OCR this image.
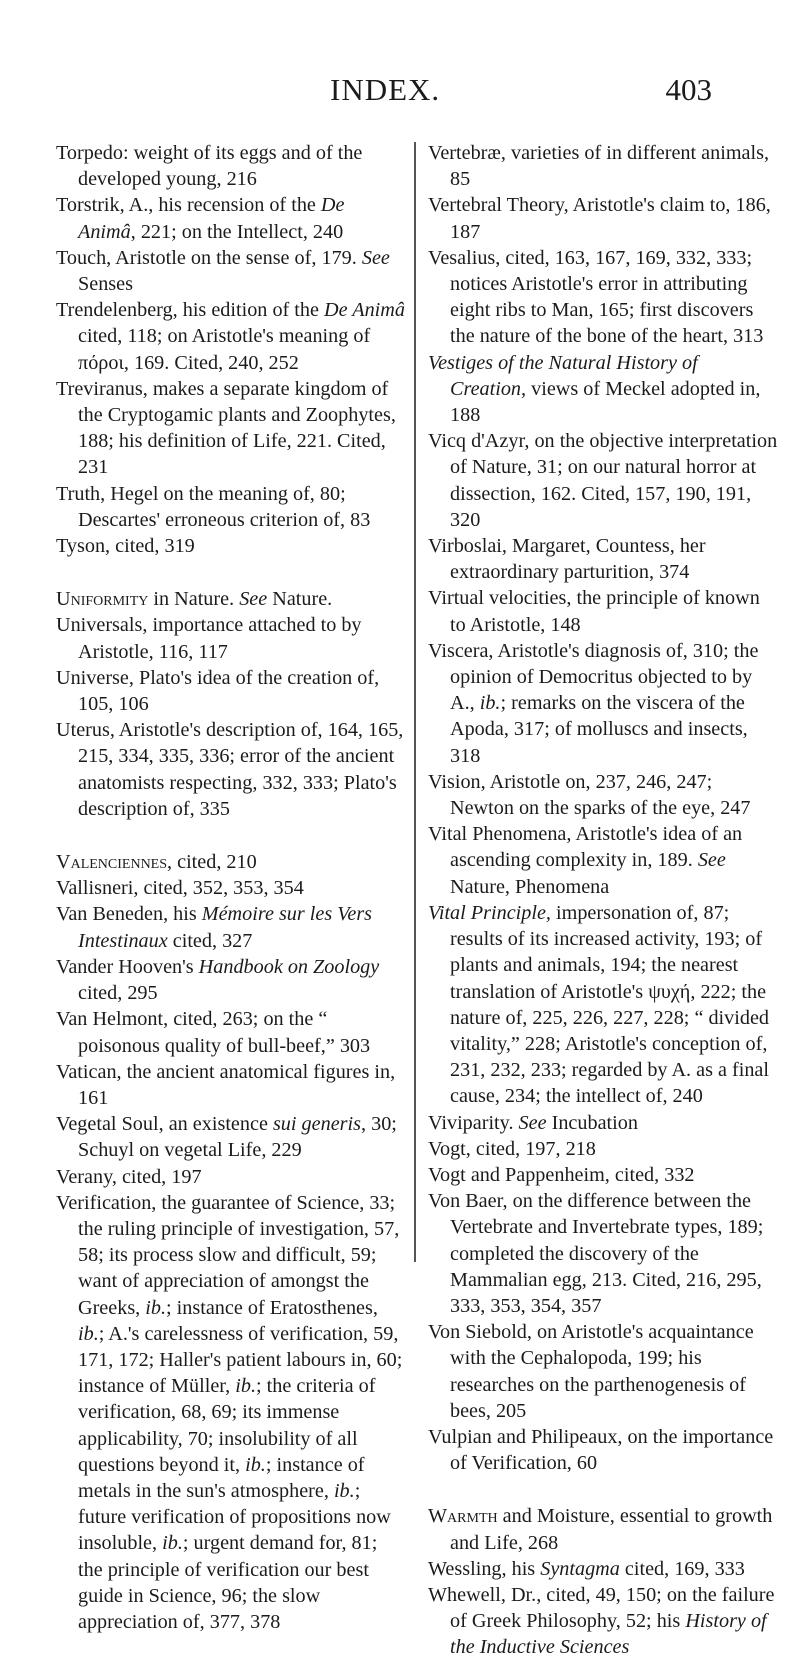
INDEX.	403

Torpedo: weight of its eggs and of the developed young, 216

Torstrik, A., his recension of the De Animâ, 221; on the Intellect, 240

Touch, Aristotle on the sense of, 179. See Senses

Trendelenberg, his edition of the De Animâ cited, 118; on Aristotle's meaning of πόροι, 169. Cited, 240, 252

Treviranus, makes a separate kingdom of the Cryptogamic plants and Zoophytes, 188; his definition of Life, 221. Cited, 231

Truth, Hegel on the meaning of, 80; Descartes' erroneous criterion of, 83

Tyson, cited, 319

Uniformity in Nature. See Nature.

Universals, importance attached to by Aristotle, 116, 117

Universe, Plato's idea of the creation of, 105, 106

Uterus, Aristotle's description of, 164, 165, 215, 334, 335, 336; error of the ancient anatomists respecting, 332, 333; Plato's description of, 335

Valenciennes, cited, 210

Vallisneri, cited, 352, 353, 354

Van Beneden, his Mémoire sur les Vers Intestinaux cited, 327

Vander Hooven's Handbook on Zoology cited, 295

Van Helmont, cited, 263; on the “ poisonous quality of bull-beef,” 303

Vatican, the ancient anatomical figures in, 161

Vegetal Soul, an existence sui generis, 30; Schuyl on vegetal Life, 229

Verany, cited, 197

Verification, the guarantee of Science, 33; the ruling principle of investigation, 57, 58; its process slow and difficult, 59; want of appreciation of amongst the Greeks, ib.; instance of Eratosthenes, ib.; A.'s carelessness of verification, 59, 171, 172; Haller's patient labours in, 60; instance of Müller, ib.; the criteria of verification, 68, 69; its immense applicability, 70; insolubility of all questions beyond it, ib.; instance of metals in the sun's atmosphere, ib.; future verification of propositions now insoluble, ib.; urgent demand for, 81; the principle of verification our best guide in Science, 96; the slow appreciation of, 377, 378

Vertebræ, varieties of in different animals, 85

Vertebral Theory, Aristotle's claim to, 186, 187

Vesalius, cited, 163, 167, 169, 332, 333; notices Aristotle's error in attributing eight ribs to Man, 165; first discovers the nature of the bone of the heart, 313

Vestiges of the Natural History of Creation, views of Meckel adopted in, 188

Vicq d'Azyr, on the objective interpretation of Nature, 31; on our natural horror at dissection, 162. Cited, 157, 190, 191, 320

Virboslai, Margaret, Countess, her extraordinary parturition, 374

Virtual velocities, the principle of known to Aristotle, 148

Viscera, Aristotle's diagnosis of, 310; the opinion of Democritus objected to by A., ib.; remarks on the viscera of the Apoda, 317; of molluscs and insects, 318

Vision, Aristotle on, 237, 246, 247; Newton on the sparks of the eye, 247

Vital Phenomena, Aristotle's idea of an ascending complexity in, 189. See Nature, Phenomena

Vital Principle, impersonation of, 87; results of its increased activity, 193; of plants and animals, 194; the nearest translation of Aristotle's ψυχή, 222; the nature of, 225, 226, 227, 228; “ divided vitality,” 228; Aristotle's conception of, 231, 232, 233; regarded by A. as a final cause, 234; the intellect of, 240

Viviparity. See Incubation

Vogt, cited, 197, 218

Vogt and Pappenheim, cited, 332

Von Baer, on the difference between the Vertebrate and Invertebrate types, 189; completed the discovery of the Mammalian egg, 213. Cited, 216, 295, 333, 353, 354, 357

Von Siebold, on Aristotle's acquaintance with the Cephalopoda, 199; his researches on the parthenogenesis of bees, 205

Vulpian and Philipeaux, on the importance of Verification, 60

Warmth and Moisture, essential to growth and Life, 268

Wessling, his Syntagma cited, 169, 333

Whewell, Dr., cited, 49, 150; on the failure of Greek Philosophy, 52; his History of the Inductive Sciences
